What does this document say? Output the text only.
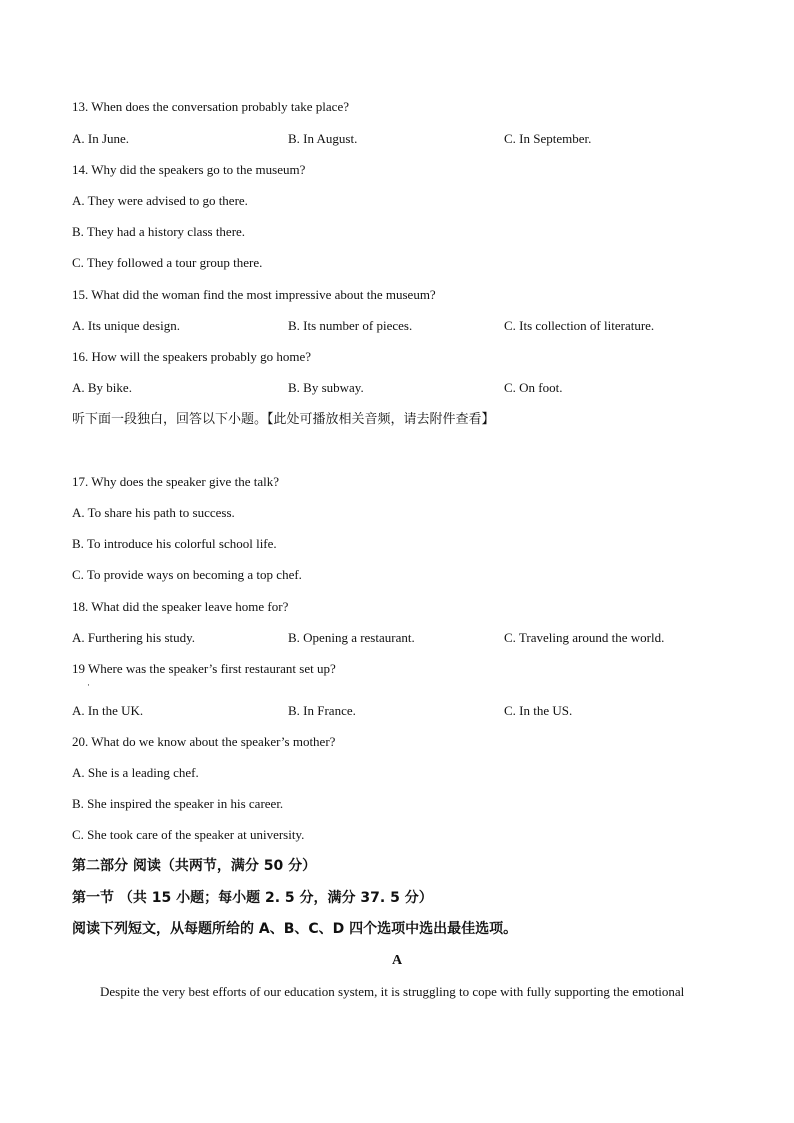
13. When does the conversation probably take place?
A. In June.	B. In August.	C. In September.
14. Why did the speakers go to the museum?
A. They were advised to go there.
B. They had a history class there.
C. They followed a tour group there.
15. What did the woman find the most impressive about the museum?
A. Its unique design.	B. Its number of pieces.	C. Its collection of literature.
16. How will the speakers probably go home?
A. By bike.	B. By subway.	C. On foot.
听下面一段独白，回答以下小题。【此处可播放相关音频，请去附件查看】
17. Why does the speaker give the talk?
A. To share his path to success.
B. To introduce his colorful school life.
C. To provide ways on becoming a top chef.
18. What did the speaker leave home for?
A. Furthering his study.	B. Opening a restaurant.	C. Traveling around the world.
19 Where was the speaker’s first restaurant set up?
·
A. In the UK.	B. In France.	C. In the US.
20. What do we know about the speaker’s mother?
A. She is a leading chef.
B. She inspired the speaker in his career.
C. She took care of the speaker at university.
第二部分 阅读（共两节，满分 50 分）
第一节 （共 15 小题；每小题 2. 5 分，满分 37. 5 分）
阅读下列短文，从每题所给的 A、B、C、D 四个选项中选出最佳选项。
A
Despite the very best efforts of our education system, it is struggling to cope with fully supporting the emotional
